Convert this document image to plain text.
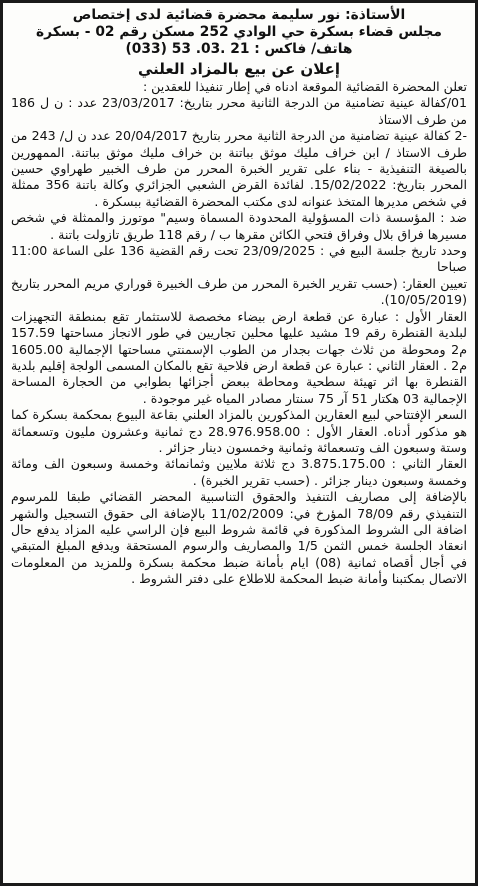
الأستاذة: نور سليمة محضرة قضائية لدى إختصاص
مجلس قضاء بسكرة حي الوادي 252 مسكن رقم 02 - بسكرة
هاتف/ فاكس : 21 .03. 53 (033)
إعلان عن بيع بالمزاد العلني

تعلن المحضرة القضائية الموقعة ادناه في إطار تنفيذا للعقدين :

01/كفالة عينية تضامنية من الدرجة الثانية محرر بتاريخ: 23/03/2017 عدد : ن ل 186 من طرف الاستاذ

-2 كفالة عينية تضامنية من الدرجة الثانية محرر بتاريخ 20/04/2017 عدد ن ل/ 243 من طرف الاستاذ / ابن خراف مليك موثق بباتنة بن خراف مليك موثق بباتنة. الممهورين بالصيغة التنفيذية - بناء على تقرير الخبرة المحرر من طرف الخبير طهراوي حسين المحرر بتاريخ: 15/02/2022. لفائدة القرض الشعبي الجزائري وكالة باتنة 356 ممثلة في شخص مديرها المتخذ عنوانه لدى مكتب المحضرة القضائية ببسكرة .

ضد : المؤسسة ذات المسؤولية المحدودة المسماة وسيم" موتورز والممثلة في شخص مسيرها فراق بلال وفراق فتحي الكائن مقرها ب / رقم 118 طريق تازولت باتنة .

وحدد تاريخ جلسة البيع في : 23/09/2025 تحت رقم القضية 136 على الساعة 11:00 صباحا

تعيين العقار: (حسب تقرير الخبرة المحرر من طرف الخبيرة قوراري مريم المحرر بتاريخ (10/05/2019).

العقار الأول : عبارة عن قطعة ارض بيضاء مخصصة للاستثمار تقع بمنطقة التجهيزات لبلدية القنطرة رقم 19 مشيد عليها محلين تجاريين في طور الانجاز مساحتها 157.59 م2 ومحوطة من ثلاث جهات بجدار من الطوب الإسمنتي مساحتها الإجمالية 1605.00 م2 . العقار الثاني : عبارة عن قطعة ارض فلاحية تقع بالمكان المسمى الولجة إقليم بلدية القنطرة بها اثر تهيئة سطحية ومحاطة ببعض أجزائها بطوابي من الحجارة المساحة الإجمالية 03 هكتار 51 آر 75 سنتار مصادر المياه غير موجودة .

السعر الإفتتاحي لبيع العقارين المذكورين بالمزاد العلني بقاعة البيوع بمحكمة بسكرة كما هو مذكور أدناه. العقار الأول : 28.976.958.00 دج ثمانية وعشرون مليون وتسعمائة وستة وسبعون الف وتسعمائة وثمانية وخمسون دينار جزائر .

العقار الثاني : 3.875.175.00 دج ثلاثة ملايين وثمانمائة وخمسة وسبعون الف ومائة وخمسة وسبعون دينار جزائر . (حسب تقرير الخبرة) .

بالإضافة إلى مصاريف التنفيذ والحقوق التناسبية المحضر القضائي طبقا للمرسوم التنفيذي رقم 78/09 المؤرخ في: 11/02/2009 بالإضافة الى حقوق التسجيل والشهر اضافة الى الشروط المذكورة في قائمة شروط البيع فإن الراسي عليه المزاد يدفع حال انعقاد الجلسة خمس الثمن 1/5 والمصاريف والرسوم المستحقة ويدفع المبلغ المتبقي في أجال أقصاه ثمانية (08) ايام بأمانة ضبط محكمة بسكرة وللمزيد من المعلومات الاتصال بمكتبنا وأمانة ضبط المحكمة للاطلاع على دفتر الشروط .
